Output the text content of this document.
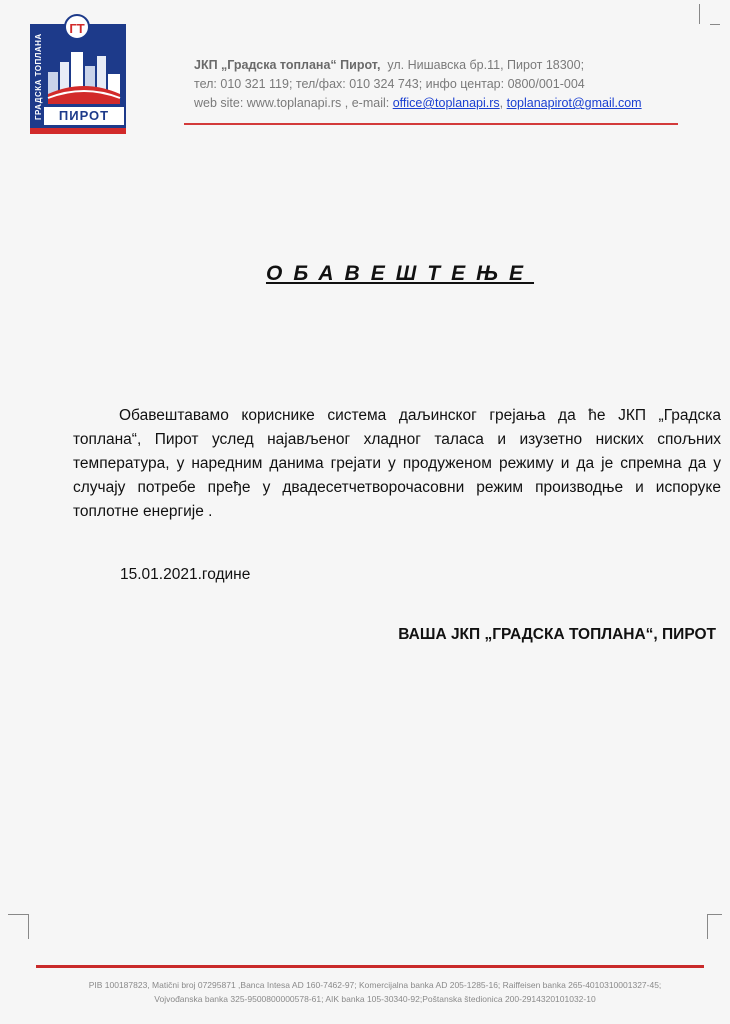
ГТ
ГРАДСКА ТОПЛАНА	ПИРОТ
ЈКП „Градска топлана“ Пирот, ул. Нишавска бр.11, Пирот 18300;
тел: 010 321 119; тел/фах: 010 324 743; инфо центар: 0800/001-004
web site: www.toplanapi.rs , e-mail: office@toplanapi.rs, toplanapirot@gmail.com
ОБАВЕШТЕЊЕ
Обавештавамо кориснике система даљинског грејања да ће ЈКП „Градска топлана“, Пирот услед најављеног хладног таласа и изузетно ниских спољних температура, у наредним данима грејати у продуженом режиму и да је спремна да у случају потребе пређе у двадесетчетворочасовни режим производње и испоруке топлотне енергије .
15.01.2021.године
ВАША ЈКП „ГРАДСКА ТОПЛАНА“, ПИРОТ
PIB 100187823, Matični broj 07295871 ,Banca Intesa AD 160-7462-97; Komercijalna banka AD 205-1285-16; Raiffeisen banka 265-4010310001327-45;
Vojvođanska banka 325-9500800000578-61; AIK banka 105-30340-92;Poštanska štedionica 200-2914320101032-10
